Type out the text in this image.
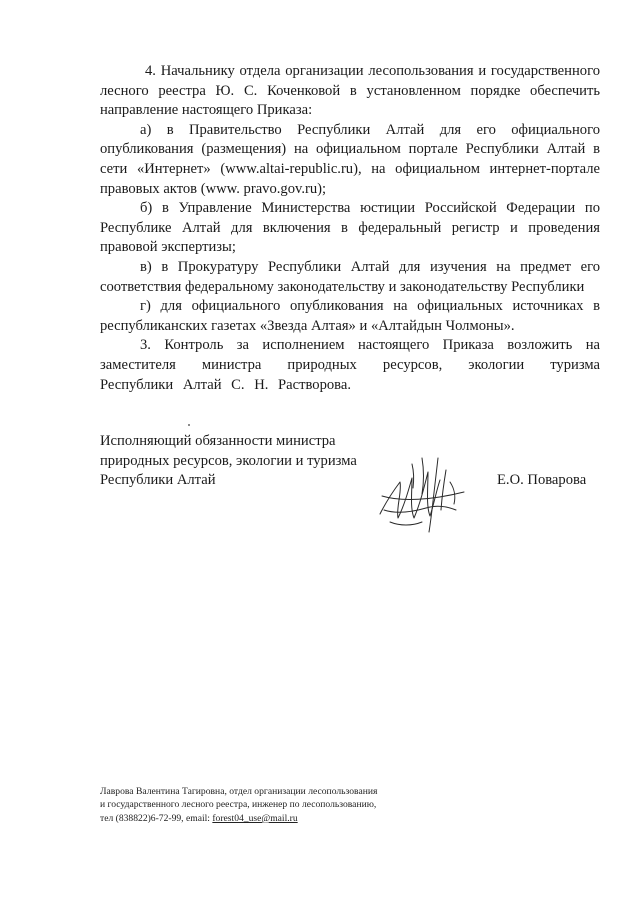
4. Начальнику отдела организации лесопользования и государственного лесного реестра Ю. С. Коченковой в установленном порядке обеспечить направление настоящего Приказа:

а) в Правительство Республики Алтай для его официального опубликования (размещения) на официальном портале Республики Алтай в сети «Интернет» (www.altai-republic.ru), на официальном интернет-портале правовых актов (www. pravo.gov.ru);

б) в Управление Министерства юстиции Российской Федерации по Республике Алтай для включения в федеральный регистр и проведения правовой экспертизы;

в) в Прокуратуру Республики Алтай для изучения на предмет его соответствия федеральному законодательству и законодательству Республики

г) для официального опубликования на официальных источниках в республиканских газетах «Звезда Алтая» и «Алтайдын Чолмоны».

3. Контроль за исполнением настоящего Приказа возложить на заместителя министра природных ресурсов, экологии туризма Республики Алтай С. Н. Растворова.

Исполняющий обязанности министра
природных ресурсов, экологии и туризма
Республики Алтай	Е.О. Поварова
Лаврова Валентина Тагировна, отдел организации лесопользования
и государственного лесного реестра, инженер по лесопользованию,
тел (838822)6-72-99, email: forest04_use@mail.ru
